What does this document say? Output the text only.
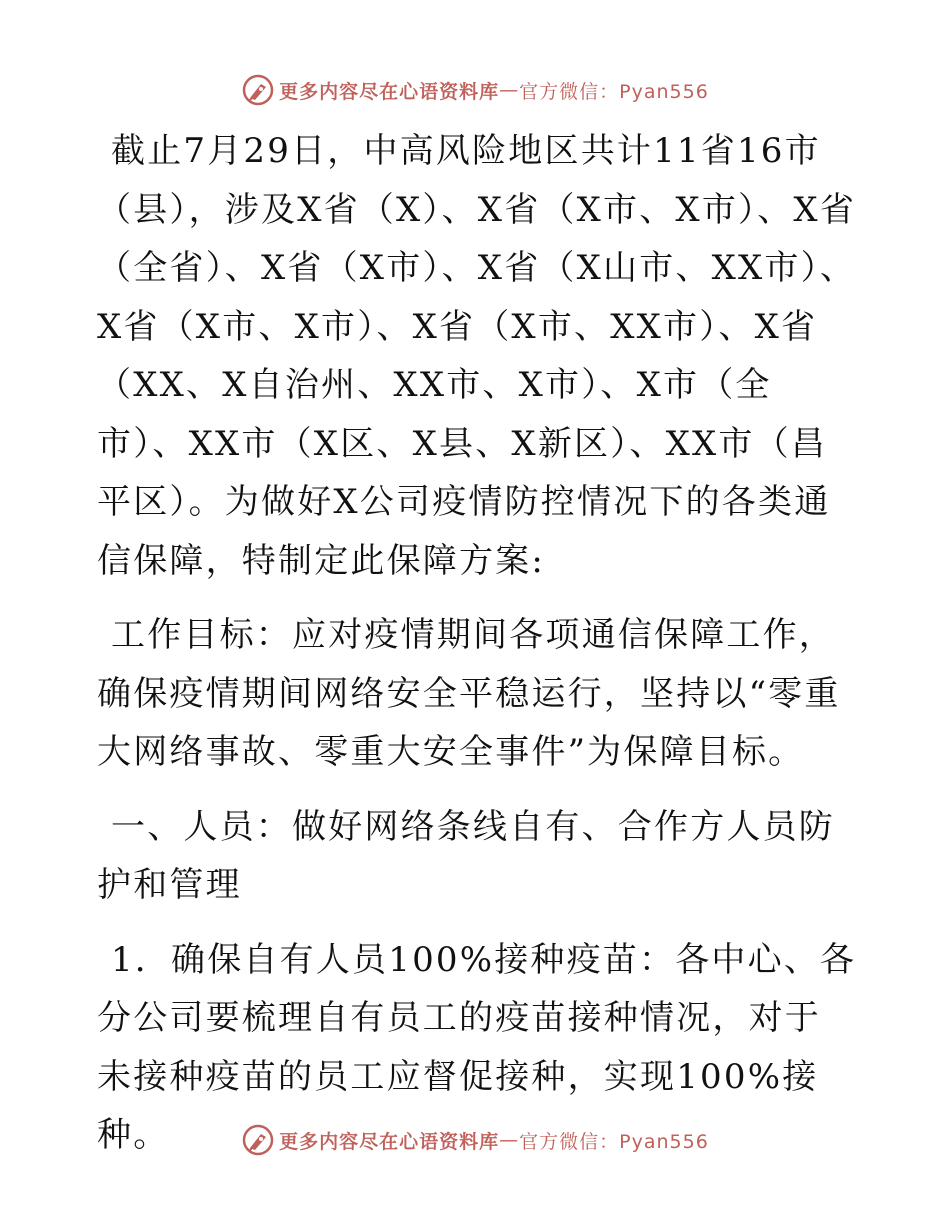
更多内容尽在心语资料库 — 官方微信：Pyan556

截止7月29日，中高风险地区共计11省16市（县），涉及X省（X）、X省（X市、X市）、X省（全省）、X省（X市）、X省（X山市、XX市）、X省（X市、X市）、X省（X市、XX市）、X省（XX、X自治州、XX市、X市）、X市（全市）、XX市（X区、X县、X新区）、XX市（昌平区）。为做好X公司疫情防控情况下的各类通信保障，特制定此保障方案:

工作目标：应对疫情期间各项通信保障工作，确保疫情期间网络安全平稳运行，坚持以“零重大网络事故、零重大安全事件”为保障目标。

一、人员：做好网络条线自有、合作方人员防护和管理

1．确保自有人员100%接种疫苗：各中心、各分公司要梳理自有员工的疫苗接种情况，对于未接种疫苗的员工应督促接种，实现100%接种。	更多内容尽在心语资料库 — 官方微信：Pyan556
